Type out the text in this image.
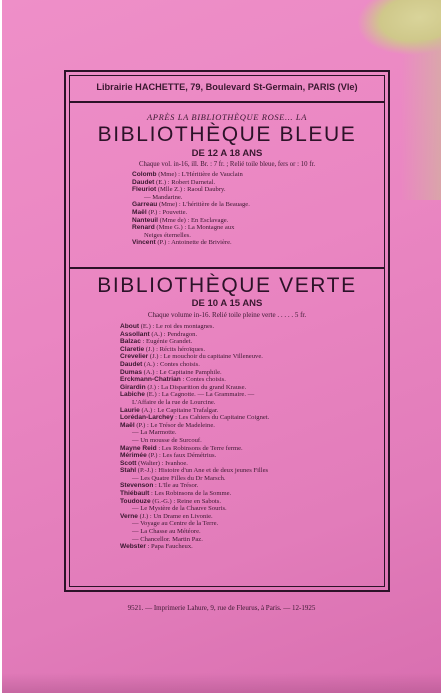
Librairie HACHETTE, 79, Boulevard St-Germain, PARIS (VIe)
APRÈS LA BIBLIOTHÈQUE ROSE... LA
BIBLIOTHÈQUE BLEUE
DE 12 A 18 ANS
Chaque vol. in-16, ill. Br. : 7 fr. ; Relié toile bleue, fers or : 10 fr.
Colomb (Mme) : L'Héritière de Vauclain
Daudet (E.) : Robert Darnetal.
Fleuriot (Mlle Z.) : Raoul Daubry.
— Mandarine.
Garreau (Mme) : L'héritière de la Beauage.
Maël (P.) : Pouvette.
Nanteuil (Mme de) : En Esclavage.
Renard (Mme G.) : La Montagne aux
Neiges éternelles.
Vincent (P.) : Antoinette de Brivière.
BIBLIOTHÈQUE VERTE
DE 10 A 15 ANS
Chaque volume in-16. Relié toile pleine verte . . . . . 5 fr.
About (E.) : Le roi des montagnes.
Assollant (A.) : Pendragon.
Balzac : Eugénie Grandet.
Claretie (J.) : Récits héroïques.
Crevelier (J.) : Le mouchoir du capitaine Villeneuve.
Daudet (A.) : Contes choisis.
Dumas (A.) : Le Capitaine Pamphile.
Erckmann-Chatrian : Contes choisis.
Girardin (J.) : La Disparition du grand Krause.
Labiche (E.) : La Cagnotte. — La Grammaire. —
L'Affaire de la rue de Lourcine.
Laurie (A.) : Le Capitaine Trafalgar.
Lorédan-Larchey : Les Cahiers du Capitaine Coignet.
Maël (P.) : Le Trésor de Madeleine.
— La Marmotte.
— Un mousse de Surcouf.
Mayne Reid : Les Robinsons de Terre ferme.
Mérimée (P.) : Les faux Démétrius.
Scott (Walter) : Ivanhoe.
Stahl (P.-J.) : Histoire d'un Ane et de deux jeunes Filles
— Les Quatre Filles du Dr Marsch.
Stevenson : L'Ile au Trésor.
Thiébault : Les Robinsons de la Somme.
Toudouze (G.-G.) : Reine en Sabots.
— Le Mystère de la Chauve Souris.
Verne (J.) : Un Drame en Livonie.
— Voyage au Centre de la Terre.
— La Chasse au Météore.
— Chancellor. Martin Paz.
Webster : Papa Faucheux.
9521. — Imprimerie Lahure, 9, rue de Fleurus, à Paris. — 12-1925
